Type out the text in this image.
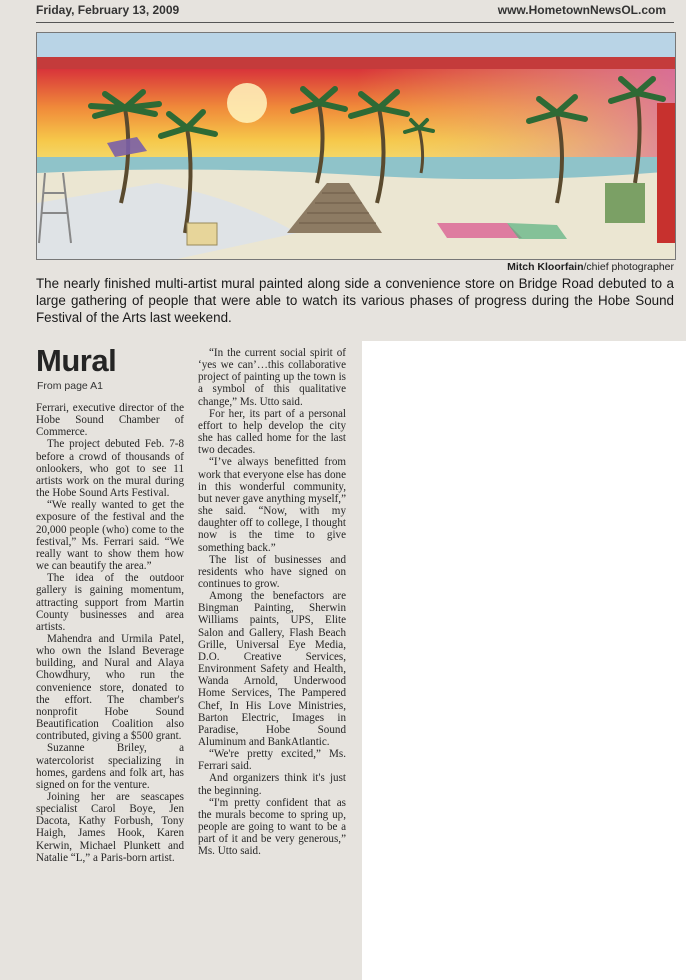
Friday, February 13, 2009	www.HometownNewsOL.com
Mitch Kloorfain/chief photographer
The nearly finished multi-artist mural painted along side a convenience store on Bridge Road debuted to a large gathering of people that were able to watch its various phases of progress during the Hobe Sound Festival of the Arts last weekend.
Mural
From page A1

Ferrari, executive director of the Hobe Sound Chamber of Commerce.

The project debuted Feb. 7-8 before a crowd of thousands of onlookers, who got to see 11 artists work on the mural during the Hobe Sound Arts Festival.

“We really wanted to get the exposure of the festival and the 20,000 people (who) come to the festival,” Ms. Ferrari said. “We really want to show them how we can beautify the area.”

The idea of the outdoor gallery is gaining momentum, attracting support from Martin County businesses and area artists.

Mahendra and Urmila Patel, who own the Island Beverage building, and Nural and Alaya Chowdhury, who run the convenience store, donated to the effort. The chamber's nonprofit Hobe Sound Beautification Coalition also contributed, giving a $500 grant.

Suzanne Briley, a watercolorist specializing in homes, gardens and folk art, has signed on for the venture.

Joining her are seascapes specialist Carol Boye, Jen Dacota, Kathy Forbush, Tony Haigh, James Hook, Karen Kerwin, Michael Plunkett and Natalie “L,” a Paris-born artist.

“In the current social spirit of ‘yes we can’…this collaborative project of painting up the town is a symbol of this qualitative change,” Ms. Utto said.

For her, its part of a personal effort to help develop the city she has called home for the last two decades.

“I’ve always benefitted from work that everyone else has done in this wonderful community, but never gave anything myself,” she said. “Now, with my daughter off to college, I thought now is the time to give something back.”

The list of businesses and residents who have signed on continues to grow.

Among the benefactors are Bingman Painting, Sherwin Williams paints, UPS, Elite Salon and Gallery, Flash Beach Grille, Universal Eye Media, D.O. Creative Services, Environment Safety and Health, Wanda Arnold, Underwood Home Services, The Pampered Chef, In His Love Ministries, Barton Electric, Images in Paradise, Hobe Sound Aluminum and BankAtlantic.

“We're pretty excited,” Ms. Ferrari said.

And organizers think it's just the beginning.

“I'm pretty confident that as the murals become to spring up, people are going to want to be a part of it and be very generous,” Ms. Utto said.
